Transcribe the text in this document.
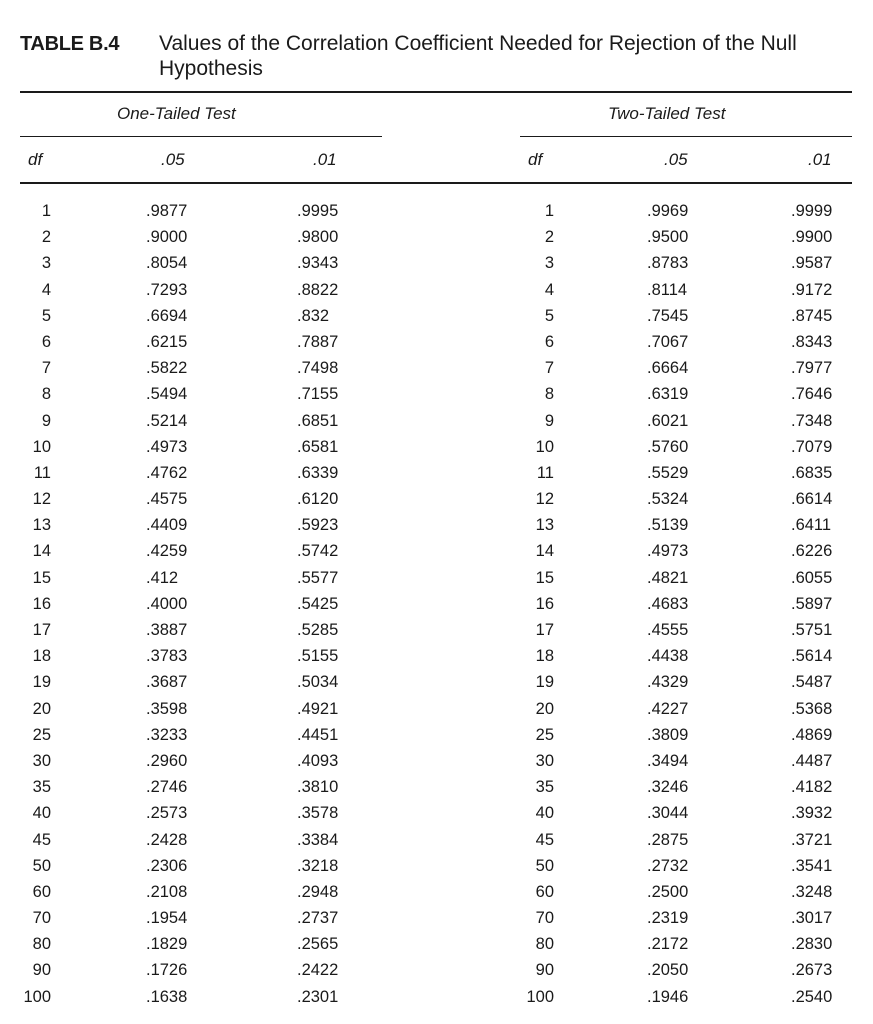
TABLE B.4 Values of the Correlation Coefficient Needed for Rejection of the Null Hypothesis
One-Tailed Test	Two-Tailed Test
df	.05	.01	df	.05	.01
1	.9877	.9995	1	.9969	.9999
2	.9000	.9800	2	.9500	.9900
3	.8054	.9343	3	.8783	.9587
4	.7293	.8822	4	.8114	.9172
5	.6694	.832	5	.7545	.8745
6	.6215	.7887	6	.7067	.8343
7	.5822	.7498	7	.6664	.7977
8	.5494	.7155	8	.6319	.7646
9	.5214	.6851	9	.6021	.7348
10	.4973	.6581	10	.5760	.7079
11	.4762	.6339	11	.5529	.6835
12	.4575	.6120	12	.5324	.6614
13	.4409	.5923	13	.5139	.6411
14	.4259	.5742	14	.4973	.6226
15	.412	.5577	15	.4821	.6055
16	.4000	.5425	16	.4683	.5897
17	.3887	.5285	17	.4555	.5751
18	.3783	.5155	18	.4438	.5614
19	.3687	.5034	19	.4329	.5487
20	.3598	.4921	20	.4227	.5368
25	.3233	.4451	25	.3809	.4869
30	.2960	.4093	30	.3494	.4487
35	.2746	.3810	35	.3246	.4182
40	.2573	.3578	40	.3044	.3932
45	.2428	.3384	45	.2875	.3721
50	.2306	.3218	50	.2732	.3541
60	.2108	.2948	60	.2500	.3248
70	.1954	.2737	70	.2319	.3017
80	.1829	.2565	80	.2172	.2830
90	.1726	.2422	90	.2050	.2673
100	.1638	.2301	100	.1946	.2540
